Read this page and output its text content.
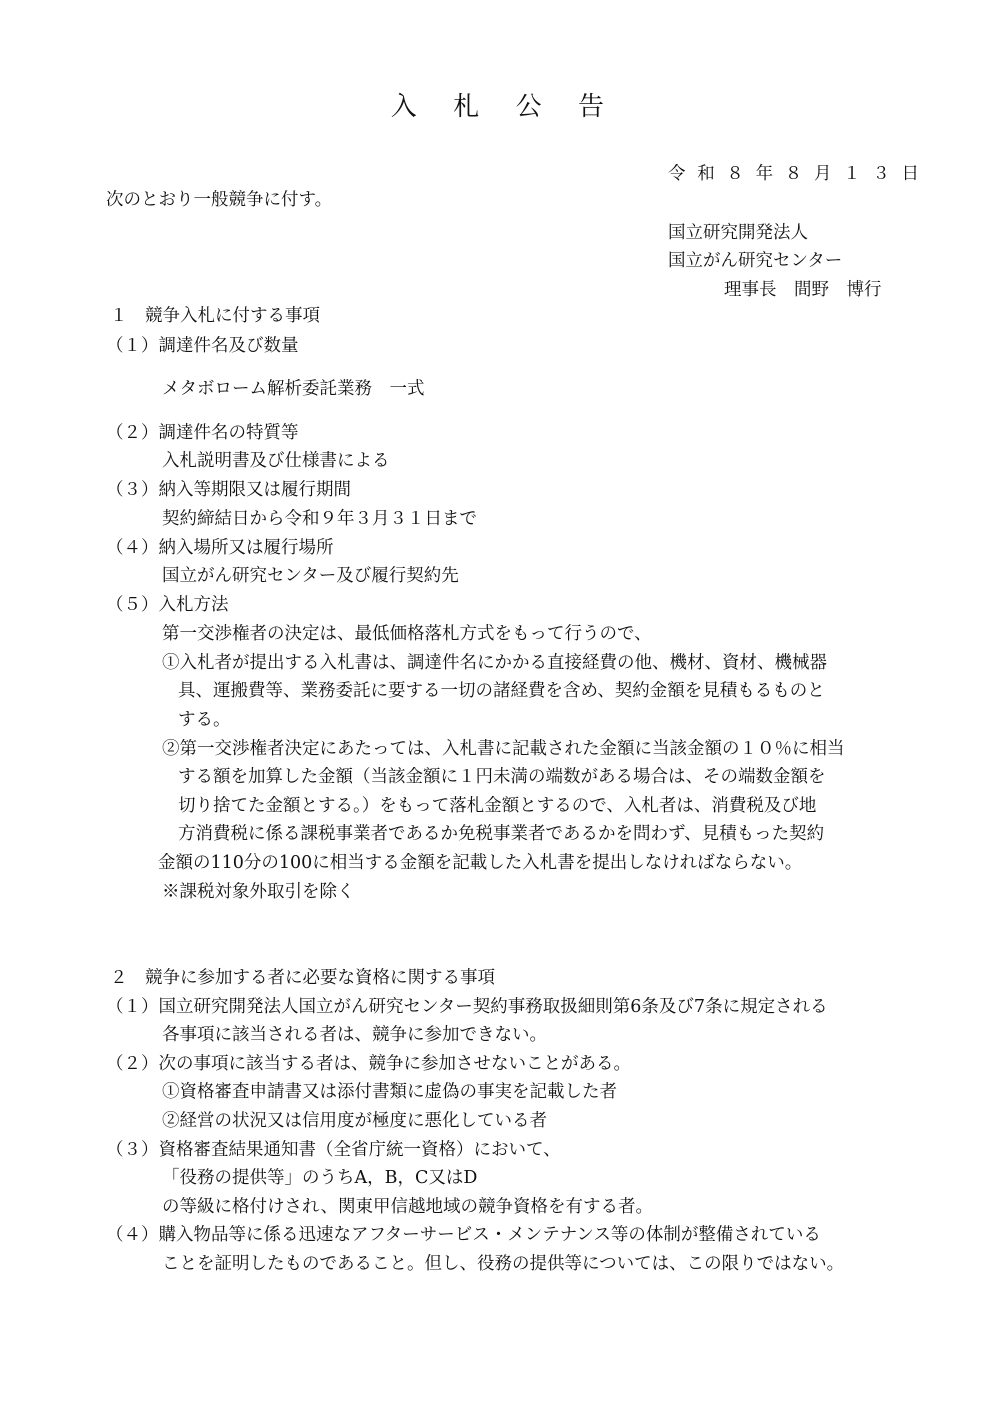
入　札　公　告
令 和 ８ 年 ８ 月 １ ３ 日
次のとおり一般競争に付す。
国立研究開発法人
国立がん研究センター
理事長　間野　博行
１　競争入札に付する事項
（１）調達件名及び数量
メタボローム解析委託業務　一式
（２）調達件名の特質等
入札説明書及び仕様書による
（３）納入等期限又は履行期間
契約締結日から令和９年３月３１日まで
（４）納入場所又は履行場所
国立がん研究センター及び履行契約先
（５）入札方法
第一交渉権者の決定は、最低価格落札方式をもって行うので、
①入札者が提出する入札書は、調達件名にかかる直接経費の他、機材、資材、機械器
具、運搬費等、業務委託に要する一切の諸経費を含め、契約金額を見積もるものと
する。
②第一交渉権者決定にあたっては、入札書に記載された金額に当該金額の１０％に相当
する額を加算した金額（当該金額に１円未満の端数がある場合は、その端数金額を
切り捨てた金額とする。）をもって落札金額とするので、入札者は、消費税及び地
方消費税に係る課税事業者であるか免税事業者であるかを問わず、見積もった契約
金額の110分の100に相当する金額を記載した入札書を提出しなければならない。
※課税対象外取引を除く
２　競争に参加する者に必要な資格に関する事項
（１）国立研究開発法人国立がん研究センター契約事務取扱細則第6条及び7条に規定される
各事項に該当される者は、競争に参加できない。
（２）次の事項に該当する者は、競争に参加させないことがある。
①資格審査申請書又は添付書類に虚偽の事実を記載した者
②経営の状況又は信用度が極度に悪化している者
（３）資格審査結果通知書（全省庁統一資格）において、
「役務の提供等」のうちA，B，C又はD
の等級に格付けされ、関東甲信越地域の競争資格を有する者。
（４）購入物品等に係る迅速なアフターサービス・メンテナンス等の体制が整備されている
ことを証明したものであること。但し、役務の提供等については、この限りではない。
